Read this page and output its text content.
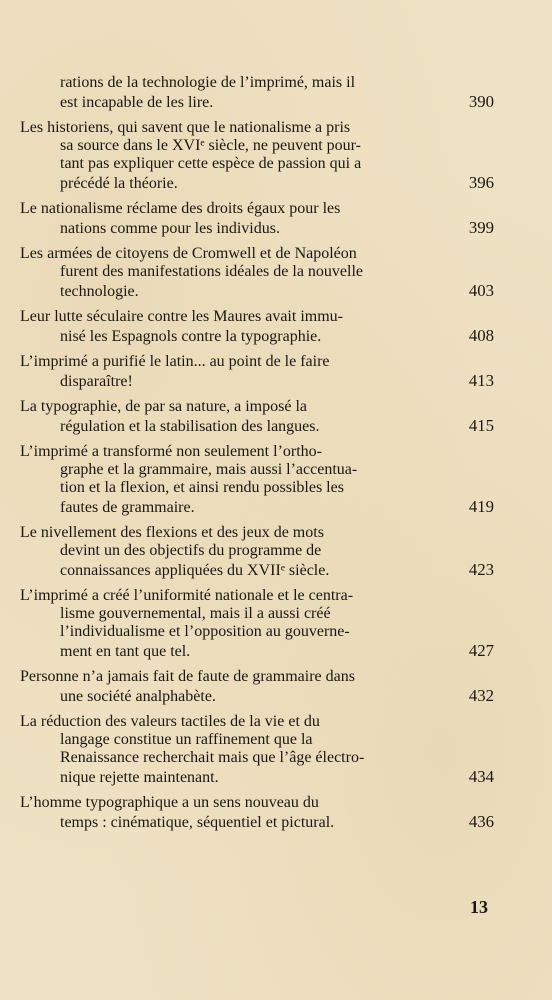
rations de la technologie de l’imprimé, mais il
est incapable de les lire.	390
Les historiens, qui savent que le nationalisme a pris
sa source dans le XVIᵉ siècle, ne peuvent pour-
tant pas expliquer cette espèce de passion qui a
précédé la théorie.	396
Le nationalisme réclame des droits égaux pour les
nations comme pour les individus.	399
Les armées de citoyens de Cromwell et de Napoléon
furent des manifestations idéales de la nouvelle
technologie.	403
Leur lutte séculaire contre les Maures avait immu-
nisé les Espagnols contre la typographie.	408
L’imprimé a purifié le latin... au point de le faire
disparaître!	413
La typographie, de par sa nature, a imposé la
régulation et la stabilisation des langues.	415
L’imprimé a transformé non seulement l’ortho-
graphe et la grammaire, mais aussi l’accentua-
tion et la flexion, et ainsi rendu possibles les
fautes de grammaire.	419
Le nivellement des flexions et des jeux de mots
devint un des objectifs du programme de
connaissances appliquées du XVIIᵉ siècle.	423
L’imprimé a créé l’uniformité nationale et le centra-
lisme gouvernemental, mais il a aussi créé
l’individualisme et l’opposition au gouverne-
ment en tant que tel.	427
Personne n’a jamais fait de faute de grammaire dans
une société analphabète.	432
La réduction des valeurs tactiles de la vie et du
langage constitue un raffinement que la
Renaissance recherchait mais que l’âge électro-
nique rejette maintenant.	434
L’homme typographique a un sens nouveau du
temps : cinématique, séquentiel et pictural.	436
13
